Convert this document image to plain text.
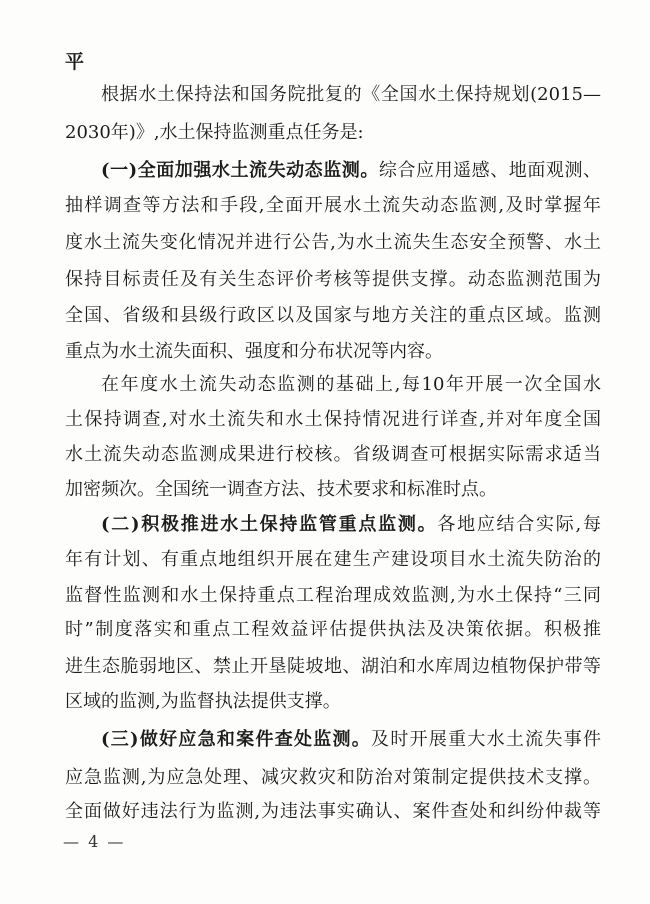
平
根据水土保持法和国务院批复的《全国水土保持规划(2015—
2030年)》,水土保持监测重点任务是:
(一)全面加强水土流失动态监测。综合应用遥感、地面观测、
抽样调查等方法和手段,全面开展水土流失动态监测,及时掌握年
度水土流失变化情况并进行公告,为水土流失生态安全预警、水土
保持目标责任及有关生态评价考核等提供支撑。动态监测范围为
全国、省级和县级行政区以及国家与地方关注的重点区域。监测
重点为水土流失面积、强度和分布状况等内容。
在年度水土流失动态监测的基础上,每10年开展一次全国水
土保持调查,对水土流失和水土保持情况进行详查,并对年度全国
水土流失动态监测成果进行校核。省级调查可根据实际需求适当
加密频次。全国统一调查方法、技术要求和标准时点。
(二)积极推进水土保持监管重点监测。各地应结合实际,每
年有计划、有重点地组织开展在建生产建设项目水土流失防治的
监督性监测和水土保持重点工程治理成效监测,为水土保持“三同
时”制度落实和重点工程效益评估提供执法及决策依据。积极推
进生态脆弱地区、禁止开垦陡坡地、湖泊和水库周边植物保护带等
区域的监测,为监督执法提供支撑。
(三)做好应急和案件查处监测。及时开展重大水土流失事件
应急监测,为应急处理、减灾救灾和防治对策制定提供技术支撑。
全面做好违法行为监测,为违法事实确认、案件查处和纠纷仲裁等
— 4 —
